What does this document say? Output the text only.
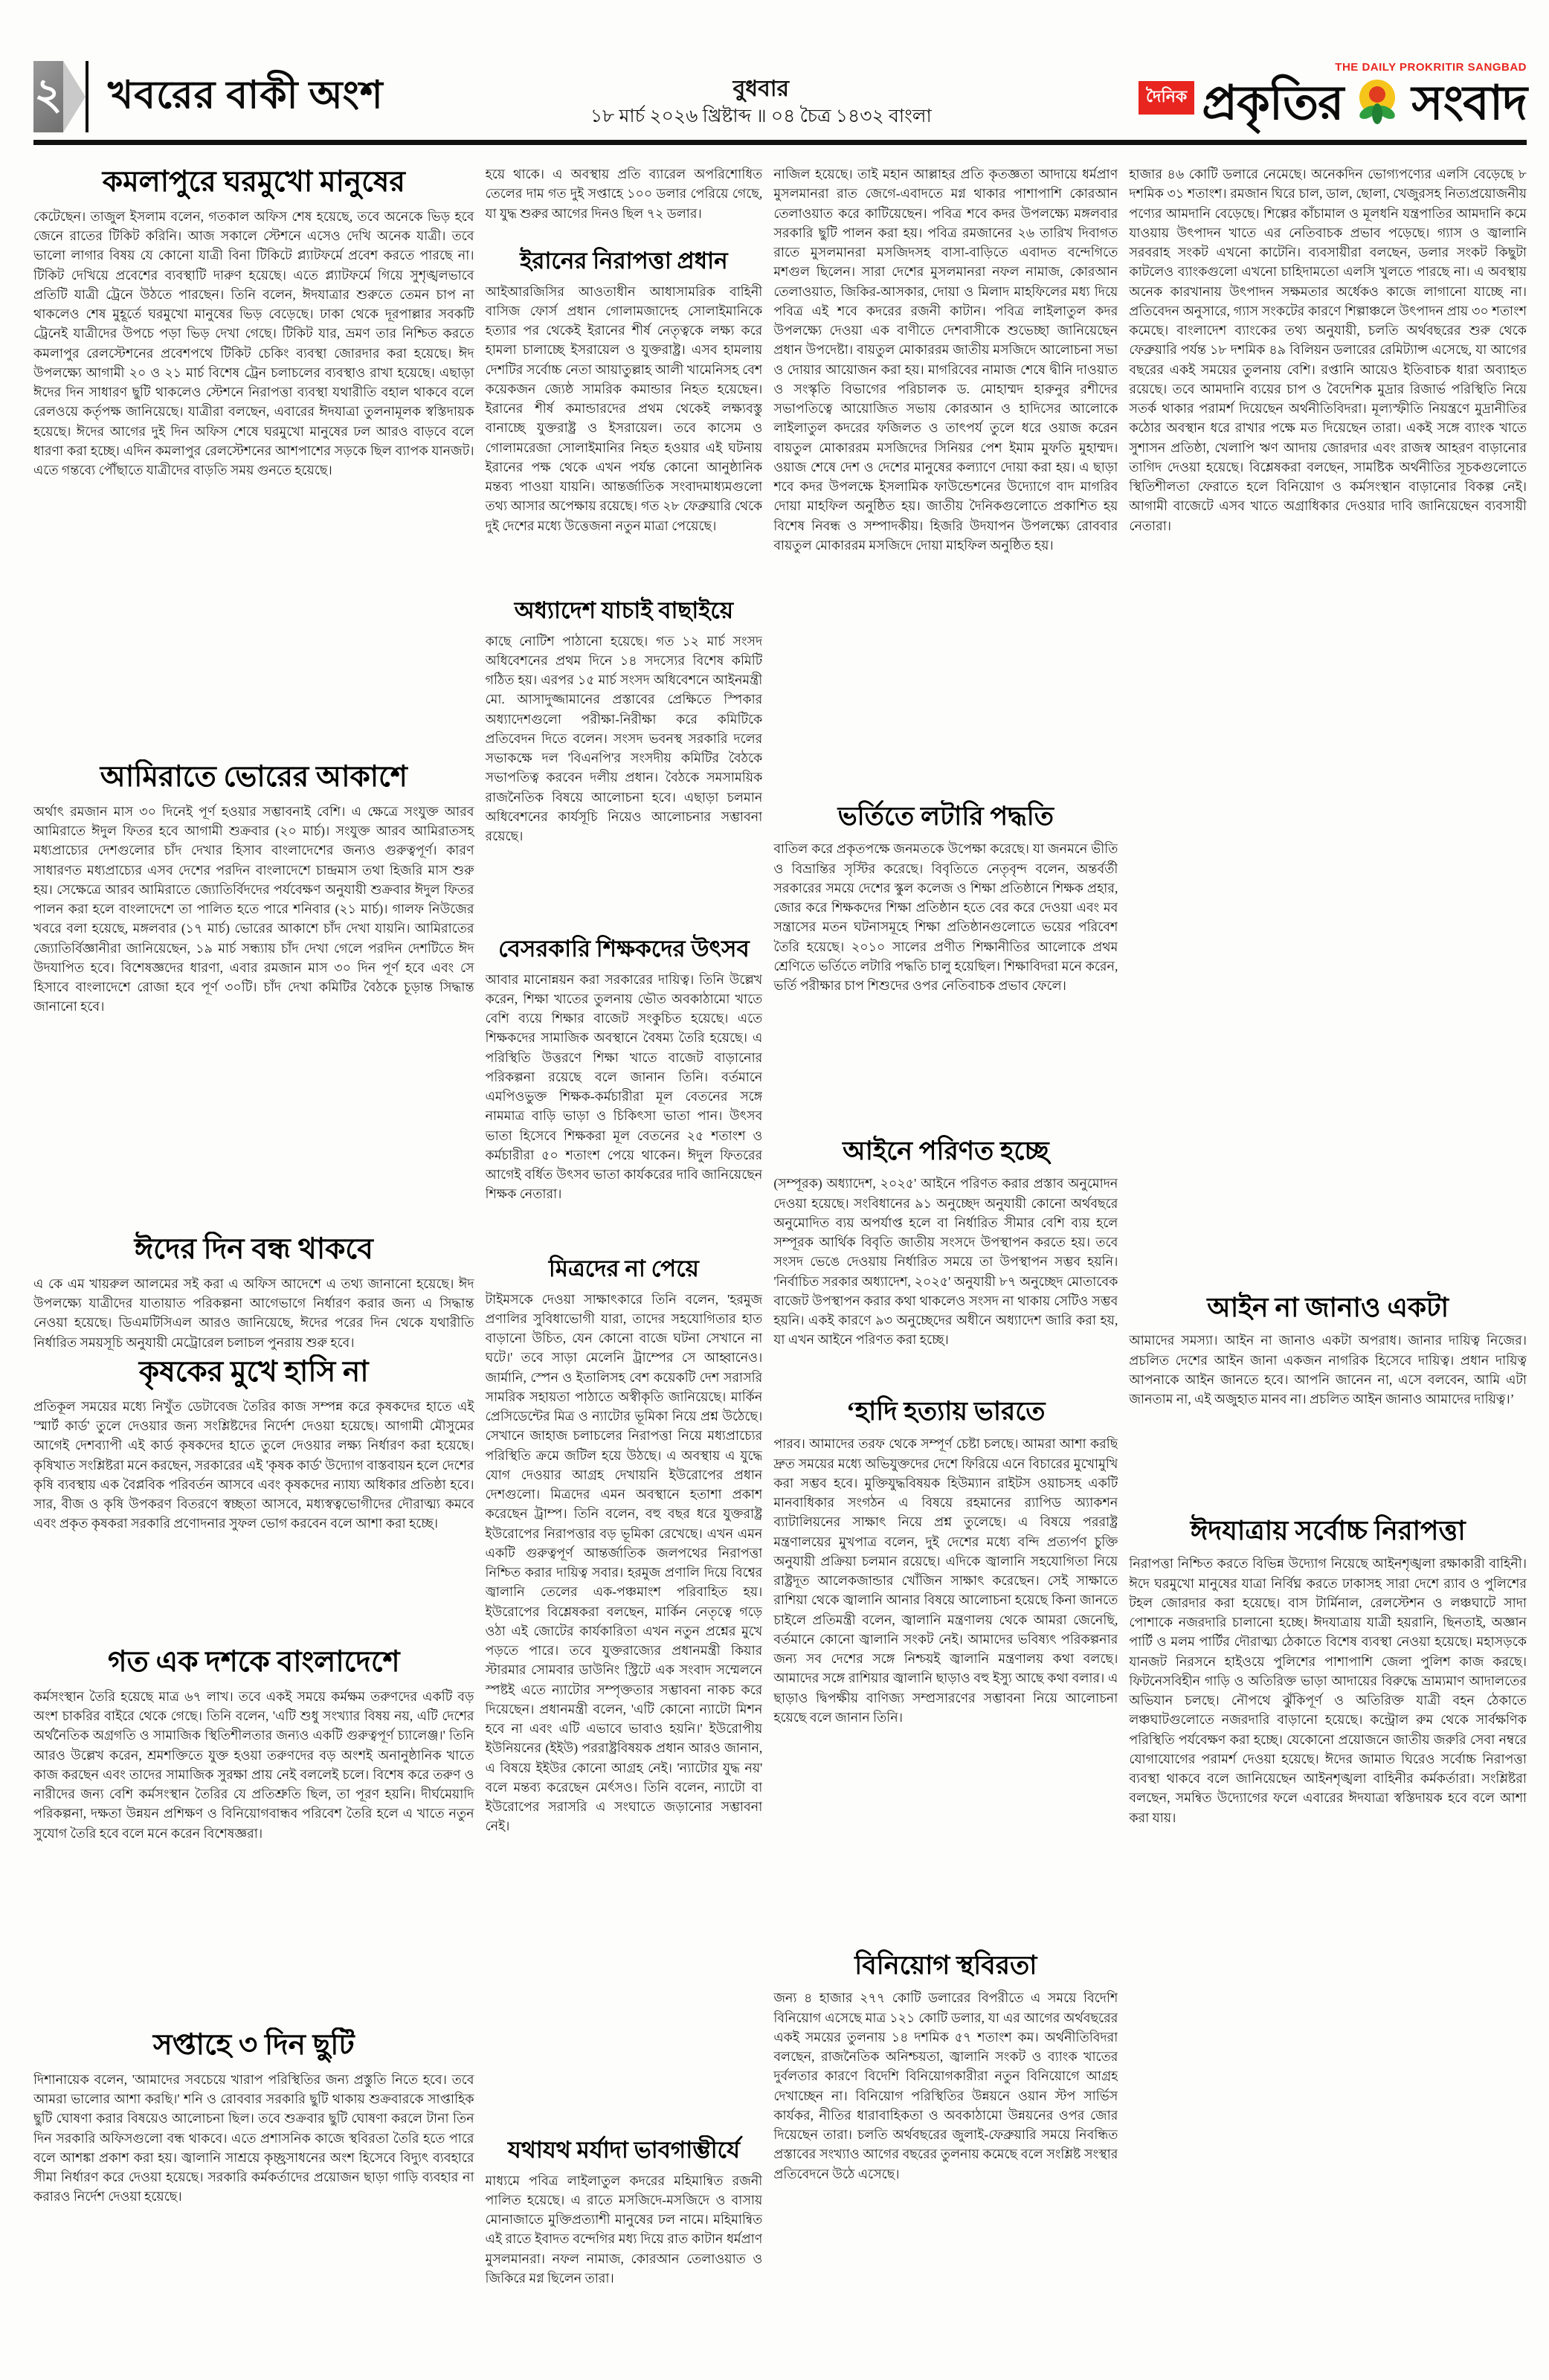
২ খবরের বাকী অংশ	বুধবার
১৮ মার্চ ২০২৬ খ্রিষ্টাব্দ ॥ ০৪ চৈত্র ১৪৩২ বাংলা
THE DAILY PROKRITIR SANGBAD
দৈনিক প্রকৃতির সংবাদ
কমলাপুরে ঘরমুখো মানুষের

কেটেছেন। তাজুল ইসলাম বলেন, গতকাল অফিস শেষ হয়েছে, তবে অনেকে ভিড় হবে জেনে রাতের টিকিট করিনি। আজ সকালে স্টেশনে এসেও দেখি অনেক যাত্রী। তবে ভালো লাগার বিষয় যে কোনো যাত্রী বিনা টিকিটে প্ল্যাটফর্মে প্রবেশ করতে পারছে না। টিকিট দেখিয়ে প্রবেশের ব্যবস্থাটি দারুণ হয়েছে। এতে প্ল্যাটফর্মে গিয়ে সুশৃঙ্খলভাবে প্রতিটি যাত্রী ট্রেনে উঠতে পারছেন। তিনি বলেন, ঈদযাত্রার শুরুতে তেমন চাপ না থাকলেও শেষ মুহূর্তে ঘরমুখো মানুষের ভিড় বেড়েছে। ঢাকা থেকে দূরপাল্লার সবকটি ট্রেনেই যাত্রীদের উপচে পড়া ভিড় দেখা গেছে। টিকিট যার, ভ্রমণ তার নিশ্চিত করতে কমলাপুর রেলস্টেশনের প্রবেশপথে টিকিট চেকিং ব্যবস্থা জোরদার করা হয়েছে। ঈদ উপলক্ষ্যে আগামী ২০ ও ২১ মার্চ বিশেষ ট্রেন চলাচলের ব্যবস্থাও রাখা হয়েছে। এছাড়া ঈদের দিন সাধারণ ছুটি থাকলেও স্টেশনে নিরাপত্তা ব্যবস্থা যথারীতি বহাল থাকবে বলে রেলওয়ে কর্তৃপক্ষ জানিয়েছে। যাত্রীরা বলছেন, এবারের ঈদযাত্রা তুলনামূলক স্বস্তিদায়ক হয়েছে। ঈদের আগের দুই দিন অফিস শেষে ঘরমুখো মানুষের ঢল আরও বাড়বে বলে ধারণা করা হচ্ছে। এদিন কমলাপুর রেলস্টেশনের আশপাশের সড়কে ছিল ব্যাপক যানজট। এতে গন্তব্যে পৌঁছাতে যাত্রীদের বাড়তি সময় গুনতে হয়েছে।

আমিরাতে ভোরের আকাশে

অর্থাৎ রমজান মাস ৩০ দিনেই পূর্ণ হওয়ার সম্ভাবনাই বেশি। এ ক্ষেত্রে সংযুক্ত আরব আমিরাতে ঈদুল ফিতর হবে আগামী শুক্রবার (২০ মার্চ)। সংযুক্ত আরব আমিরাতসহ মধ্যপ্রাচ্যের দেশগুলোর চাঁদ দেখার হিসাব বাংলাদেশের জন্যও গুরুত্বপূর্ণ। কারণ সাধারণত মধ্যপ্রাচ্যের এসব দেশের পরদিন বাংলাদেশে চান্দ্রমাস তথা হিজরি মাস শুরু হয়। সেক্ষেত্রে আরব আমিরাতে জ্যোতির্বিদদের পর্যবেক্ষণ অনুযায়ী শুক্রবার ঈদুল ফিতর পালন করা হলে বাংলাদেশে তা পালিত হতে পারে শনিবার (২১ মার্চ)। গালফ নিউজের খবরে বলা হয়েছে, মঙ্গলবার (১৭ মার্চ) ভোরের আকাশে চাঁদ দেখা যায়নি। আমিরাতের জ্যোতির্বিজ্ঞানীরা জানিয়েছেন, ১৯ মার্চ সন্ধ্যায় চাঁদ দেখা গেলে পরদিন দেশটিতে ঈদ উদযাপিত হবে। বিশেষজ্ঞদের ধারণা, এবার রমজান মাস ৩০ দিন পূর্ণ হবে এবং সে হিসাবে বাংলাদেশে রোজা হবে পূর্ণ ৩০টি। চাঁদ দেখা কমিটির বৈঠকে চূড়ান্ত সিদ্ধান্ত জানানো হবে।

ঈদের দিন বন্ধ থাকবে

এ কে এম খায়রুল আলমের সই করা এ অফিস আদেশে এ তথ্য জানানো হয়েছে। ঈদ উপলক্ষ্যে যাত্রীদের যাতায়াত পরিকল্পনা আগেভাগে নির্ধারণ করার জন্য এ সিদ্ধান্ত নেওয়া হয়েছে। ডিএমটিসিএল আরও জানিয়েছে, ঈদের পরের দিন থেকে যথারীতি নির্ধারিত সময়সূচি অনুযায়ী মেট্রোরেল চলাচল পুনরায় শুরু হবে।

কৃষকের মুখে হাসি না

প্রতিকূল সময়ের মধ্যে নিখুঁত ডেটাবেজ তৈরির কাজ সম্পন্ন করে কৃষকদের হাতে এই 'স্মার্ট কার্ড' তুলে দেওয়ার জন্য সংশ্লিষ্টদের নির্দেশ দেওয়া হয়েছে। আগামী মৌসুমের আগেই দেশব্যাপী এই কার্ড কৃষকদের হাতে তুলে দেওয়ার লক্ষ্য নির্ধারণ করা হয়েছে। কৃষিখাত সংশ্লিষ্টরা মনে করছেন, সরকারের এই 'কৃষক কার্ড' উদ্যোগ বাস্তবায়ন হলে দেশের কৃষি ব্যবস্থায় এক বৈপ্লবিক পরিবর্তন আসবে এবং কৃষকদের ন্যায্য অধিকার প্রতিষ্ঠা হবে। সার, বীজ ও কৃষি উপকরণ বিতরণে স্বচ্ছতা আসবে, মধ্যস্বত্বভোগীদের দৌরাত্ম্য কমবে এবং প্রকৃত কৃষকরা সরকারি প্রণোদনার সুফল ভোগ করবেন বলে আশা করা হচ্ছে।

গত এক দশকে বাংলাদেশে

কর্মসংস্থান তৈরি হয়েছে মাত্র ৬৭ লাখ। তবে একই সময়ে কর্মক্ষম তরুণদের একটি বড় অংশ চাকরির বাইরে থেকে গেছে। তিনি বলেন, 'এটি শুধু সংখ্যার বিষয় নয়, এটি দেশের অর্থনৈতিক অগ্রগতি ও সামাজিক স্থিতিশীলতার জন্যও একটি গুরুত্বপূর্ণ চ্যালেঞ্জ।' তিনি আরও উল্লেখ করেন, শ্রমশক্তিতে যুক্ত হওয়া তরুণদের বড় অংশই অনানুষ্ঠানিক খাতে কাজ করছেন এবং তাদের সামাজিক সুরক্ষা প্রায় নেই বললেই চলে। বিশেষ করে তরুণ ও নারীদের জন্য বেশি কর্মসংস্থান তৈরির যে প্রতিশ্রুতি ছিল, তা পূরণ হয়নি। দীর্ঘমেয়াদি পরিকল্পনা, দক্ষতা উন্নয়ন প্রশিক্ষণ ও বিনিয়োগবান্ধব পরিবেশ তৈরি হলে এ খাতে নতুন সুযোগ তৈরি হবে বলে মনে করেন বিশেষজ্ঞরা।

সপ্তাহে ৩ দিন ছুটি

দিশানায়েক বলেন, 'আমাদের সবচেয়ে খারাপ পরিস্থিতির জন্য প্রস্তুতি নিতে হবে। তবে আমরা ভালোর আশা করছি।' শনি ও রোববার সরকারি ছুটি থাকায় শুক্রবারকে সাপ্তাহিক ছুটি ঘোষণা করার বিষয়েও আলোচনা ছিল। তবে শুক্রবার ছুটি ঘোষণা করলে টানা তিন দিন সরকারি অফিসগুলো বন্ধ থাকবে। এতে প্রশাসনিক কাজে স্থবিরতা তৈরি হতে পারে বলে আশঙ্কা প্রকাশ করা হয়। জ্বালানি সাশ্রয়ে কৃচ্ছ্রসাধনের অংশ হিসেবে বিদ্যুৎ ব্যবহারে সীমা নির্ধারণ করে দেওয়া হয়েছে। সরকারি কর্মকর্তাদের প্রয়োজন ছাড়া গাড়ি ব্যবহার না করারও নির্দেশ দেওয়া হয়েছে।

হয়ে থাকে। এ অবস্থায় প্রতি ব্যারেল অপরিশোধিত তেলের দাম গত দুই সপ্তাহে ১০০ ডলার পেরিয়ে গেছে, যা যুদ্ধ শুরুর আগের দিনও ছিল ৭২ ডলার।

ইরানের নিরাপত্তা প্রধান

আইআরজিসির আওতাধীন আধাসামরিক বাহিনী বাসিজ ফোর্স প্রধান গোলামজাদেহ সোলাইমানিকে হত্যার পর থেকেই ইরানের শীর্ষ নেতৃত্বকে লক্ষ্য করে হামলা চালাচ্ছে ইসরায়েল ও যুক্তরাষ্ট্র। এসব হামলায় দেশটির সর্বোচ্চ নেতা আয়াতুল্লাহ আলী খামেনিসহ বেশ কয়েকজন জ্যেষ্ঠ সামরিক কমান্ডার নিহত হয়েছেন। ইরানের শীর্ষ কমান্ডারদের প্রথম থেকেই লক্ষ্যবস্তু বানাচ্ছে যুক্তরাষ্ট্র ও ইসরায়েল। তবে কাসেম ও গোলামরেজা সোলাইমানির নিহত হওয়ার এই ঘটনায় ইরানের পক্ষ থেকে এখন পর্যন্ত কোনো আনুষ্ঠানিক মন্তব্য পাওয়া যায়নি। আন্তর্জাতিক সংবাদমাধ্যমগুলো তথ্য আসার অপেক্ষায় রয়েছে। গত ২৮ ফেব্রুয়ারি থেকে দুই দেশের মধ্যে উত্তেজনা নতুন মাত্রা পেয়েছে।

অধ্যাদেশ যাচাই বাছাইয়ে

কাছে নোটিশ পাঠানো হয়েছে। গত ১২ মার্চ সংসদ অধিবেশনের প্রথম দিনে ১৪ সদস্যের বিশেষ কমিটি গঠিত হয়। এরপর ১৫ মার্চ সংসদ অধিবেশনে আইনমন্ত্রী মো. আসাদুজ্জামানের প্রস্তাবের প্রেক্ষিতে স্পিকার অধ্যাদেশগুলো পরীক্ষা-নিরীক্ষা করে কমিটিকে প্রতিবেদন দিতে বলেন। সংসদ ভবনস্থ সরকারি দলের সভাকক্ষে দল 'বিএনপি'র সংসদীয় কমিটির বৈঠকে সভাপতিত্ব করবেন দলীয় প্রধান। বৈঠকে সমসাময়িক রাজনৈতিক বিষয়ে আলোচনা হবে। এছাড়া চলমান অধিবেশনের কার্যসূচি নিয়েও আলোচনার সম্ভাবনা রয়েছে।

বেসরকারি শিক্ষকদের উৎসব

আবার মানোন্নয়ন করা সরকারের দায়িত্ব। তিনি উল্লেখ করেন, শিক্ষা খাতের তুলনায় ভৌত অবকাঠামো খাতে বেশি ব্যয়ে শিক্ষার বাজেট সংকুচিত হয়েছে। এতে শিক্ষকদের সামাজিক অবস্থানে বৈষম্য তৈরি হয়েছে। এ পরিস্থিতি উত্তরণে শিক্ষা খাতে বাজেট বাড়ানোর পরিকল্পনা রয়েছে বলে জানান তিনি। বর্তমানে এমপিওভুক্ত শিক্ষক-কর্মচারীরা মূল বেতনের সঙ্গে নামমাত্র বাড়ি ভাড়া ও চিকিৎসা ভাতা পান। উৎসব ভাতা হিসেবে শিক্ষকরা মূল বেতনের ২৫ শতাংশ ও কর্মচারীরা ৫০ শতাংশ পেয়ে থাকেন। ঈদুল ফিতরের আগেই বর্ধিত উৎসব ভাতা কার্যকরের দাবি জানিয়েছেন শিক্ষক নেতারা।

মিত্রদের না পেয়ে

টাইমসকে দেওয়া সাক্ষাৎকারে তিনি বলেন, 'হরমুজ প্রণালির সুবিধাভোগী যারা, তাদের সহযোগিতার হাত বাড়ানো উচিত, যেন কোনো বাজে ঘটনা সেখানে না ঘটে।' তবে সাড়া মেলেনি ট্রাম্পের সে আহ্বানেও। জার্মানি, স্পেন ও ইতালিসহ বেশ কয়েকটি দেশ সরাসরি সামরিক সহায়তা পাঠাতে অস্বীকৃতি জানিয়েছে। মার্কিন প্রেসিডেন্টের মিত্র ও ন্যাটোর ভূমিকা নিয়ে প্রশ্ন উঠেছে। সেখানে জাহাজ চলাচলের নিরাপত্তা নিয়ে মধ্যপ্রাচ্যের পরিস্থিতি ক্রমে জটিল হয়ে উঠছে। এ অবস্থায় এ যুদ্ধে যোগ দেওয়ার আগ্রহ দেখায়নি ইউরোপের প্রধান দেশগুলো। মিত্রদের এমন অবস্থানে হতাশা প্রকাশ করেছেন ট্রাম্প। তিনি বলেন, বহু বছর ধরে যুক্তরাষ্ট্র ইউরোপের নিরাপত্তার বড় ভূমিকা রেখেছে। এখন এমন একটি গুরুত্বপূর্ণ আন্তর্জাতিক জলপথের নিরাপত্তা নিশ্চিত করার দায়িত্ব সবার। হরমুজ প্রণালি দিয়ে বিশ্বের জ্বালানি তেলের এক-পঞ্চমাংশ পরিবাহিত হয়। ইউরোপের বিশ্লেষকরা বলছেন, মার্কিন নেতৃত্বে গড়ে ওঠা এই জোটের কার্যকারিতা এখন নতুন প্রশ্নের মুখে পড়তে পারে। তবে যুক্তরাজ্যের প্রধানমন্ত্রী কিয়ার স্টারমার সোমবার ডাউনিং স্ট্রিটে এক সংবাদ সম্মেলনে স্পষ্টই এতে ন্যাটোর সম্পৃক্ততার সম্ভাবনা নাকচ করে দিয়েছেন। প্রধানমন্ত্রী বলেন, 'এটি কোনো ন্যাটো মিশন হবে না এবং এটি এভাবে ভাবাও হয়নি।' ইউরোপীয় ইউনিয়নের (ইইউ) পররাষ্ট্রবিষয়ক প্রধান আরও জানান, এ বিষয়ে ইইউর কোনো আগ্রহ নেই। 'ন্যাটোর যুদ্ধ নয়' বলে মন্তব্য করেছেন মের্ৎসও। তিনি বলেন, ন্যাটো বা ইউরোপের সরাসরি এ সংঘাতে জড়ানোর সম্ভাবনা নেই।

যথাযথ মর্যাদা ভাবগাম্ভীর্যে

মাধ্যমে পবিত্র লাইলাতুল কদরের মহিমান্বিত রজনী পালিত হয়েছে। এ রাতে মসজিদে-মসজিদে ও বাসায় মোনাজাতে মুক্তিপ্রত্যাশী মানুষের ঢল নামে। মহিমান্বিত এই রাতে ইবাদত বন্দেগির মধ্য দিয়ে রাত কাটান ধর্মপ্রাণ মুসলমানরা। নফল নামাজ, কোরআন তেলাওয়াত ও জিকিরে মগ্ন ছিলেন তারা।

নাজিল হয়েছে। তাই মহান আল্লাহর প্রতি কৃতজ্ঞতা আদায়ে ধর্মপ্রাণ মুসলমানরা রাত জেগে-এবাদতে মগ্ন থাকার পাশাপাশি কোরআন তেলাওয়াত করে কাটিয়েছেন। পবিত্র শবে কদর উপলক্ষ্যে মঙ্গলবার সরকারি ছুটি পালন করা হয়। পবিত্র রমজানের ২৬ তারিখ দিবাগত রাতে মুসলমানরা মসজিদসহ বাসা-বাড়িতে এবাদত বন্দেগিতে মশগুল ছিলেন। সারা দেশের মুসলমানরা নফল নামাজ, কোরআন তেলাওয়াত, জিকির-আসকার, দোয়া ও মিলাদ মাহফিলের মধ্য দিয়ে পবিত্র এই শবে কদরের রজনী কাটান। পবিত্র লাইলাতুল কদর উপলক্ষ্যে দেওয়া এক বাণীতে দেশবাসীকে শুভেচ্ছা জানিয়েছেন প্রধান উপদেষ্টা। বায়তুল মোকাররম জাতীয় মসজিদে আলোচনা সভা ও দোয়ার আয়োজন করা হয়। মাগরিবের নামাজ শেষে দ্বীনি দাওয়াত ও সংস্কৃতি বিভাগের পরিচালক ড. মোহাম্মদ হারুনুর রশীদের সভাপতিত্বে আয়োজিত সভায় কোরআন ও হাদিসের আলোকে লাইলাতুল কদরের ফজিলত ও তাৎপর্য তুলে ধরে ওয়াজ করেন বায়তুল মোকাররম মসজিদের সিনিয়র পেশ ইমাম মুফতি মুহাম্মদ। ওয়াজ শেষে দেশ ও দেশের মানুষের কল্যাণে দোয়া করা হয়। এ ছাড়া শবে কদর উপলক্ষে ইসলামিক ফাউন্ডেশনের উদ্যোগে বাদ মাগরিব দোয়া মাহফিল অনুষ্ঠিত হয়। জাতীয় দৈনিকগুলোতে প্রকাশিত হয় বিশেষ নিবন্ধ ও সম্পাদকীয়। হিজরি উদযাপন উপলক্ষ্যে রোববার বায়তুল মোকাররম মসজিদে দোয়া মাহফিল অনুষ্ঠিত হয়।

ভর্তিতে লটারি পদ্ধতি

বাতিল করে প্রকৃতপক্ষে জনমতকে উপেক্ষা করেছে। যা জনমনে ভীতি ও বিভ্রান্তির সৃস্টির করেছে। বিবৃতিতে নেতৃবৃন্দ বলেন, অন্তর্বর্তী সরকারের সময়ে দেশের স্কুল কলেজ ও শিক্ষা প্রতিষ্ঠানে শিক্ষক প্রহার, জোর করে শিক্ষকদের শিক্ষা প্রতিষ্ঠান হতে বের করে দেওয়া এবং মব সন্ত্রাসের মতন ঘটনাসমূহে শিক্ষা প্রতিষ্ঠানগুলোতে ভয়ের পরিবেশ তৈরি হয়েছে। ২০১০ সালের প্রণীত শিক্ষানীতির আলোকে প্রথম শ্রেণিতে ভর্তিতে লটারি পদ্ধতি চালু হয়েছিল। শিক্ষাবিদরা মনে করেন, ভর্তি পরীক্ষার চাপ শিশুদের ওপর নেতিবাচক প্রভাব ফেলে।

আইনে পরিণত হচ্ছে

(সম্পূরক) অধ্যাদেশ, ২০২৫' আইনে পরিণত করার প্রস্তাব অনুমোদন দেওয়া হয়েছে। সংবিধানের ৯১ অনুচ্ছেদ অনুযায়ী কোনো অর্থবছরে অনুমোদিত ব্যয় অপর্যাপ্ত হলে বা নির্ধারিত সীমার বেশি ব্যয় হলে সম্পূরক আর্থিক বিবৃতি জাতীয় সংসদে উপস্থাপন করতে হয়। তবে সংসদ ভেঙে দেওয়ায় নির্ধারিত সময়ে তা উপস্থাপন সম্ভব হয়নি। 'নির্বাচিত সরকার অধ্যাদেশ, ২০২৫' অনুযায়ী ৮৭ অনুচ্ছেদ মোতাবেক বাজেট উপস্থাপন করার কথা থাকলেও সংসদ না থাকায় সেটিও সম্ভব হয়নি। একই কারণে ৯৩ অনুচ্ছেদের অধীনে অধ্যাদেশ জারি করা হয়, যা এখন আইনে পরিণত করা হচ্ছে।

‘হাদি হত্যায় ভারতে

পারব। আমাদের তরফ থেকে সম্পূর্ণ চেষ্টা চলছে। আমরা আশা করছি দ্রুত সময়ের মধ্যে অভিযুক্তদের দেশে ফিরিয়ে এনে বিচারের মুখোমুখি করা সম্ভব হবে। মুক্তিযুদ্ধবিষয়ক হিউম্যান রাইটস ওয়াচসহ একটি মানবাধিকার সংগঠন এ বিষয়ে রহমানের র‍্যাপিড অ্যাকশন ব্যাটালিয়নের সাক্ষাৎ নিয়ে প্রশ্ন তুলেছে। এ বিষয়ে পররাষ্ট্র মন্ত্রণালয়ের মুখপাত্র বলেন, দুই দেশের মধ্যে বন্দি প্রত্যর্পণ চুক্তি অনুযায়ী প্রক্রিয়া চলমান রয়েছে। এদিকে জ্বালানি সহযোগিতা নিয়ে রাষ্ট্রদূত আলেকজান্ডার খোঁজিন সাক্ষাৎ করেছেন। সেই সাক্ষাতে রাশিয়া থেকে জ্বালানি আনার বিষয়ে আলোচনা হয়েছে কিনা জানতে চাইলে প্রতিমন্ত্রী বলেন, জ্বালানি মন্ত্রণালয় থেকে আমরা জেনেছি, বর্তমানে কোনো জ্বালানি সংকট নেই। আমাদের ভবিষ্যৎ পরিকল্পনার জন্য সব দেশের সঙ্গে নিশ্চয়ই জ্বালানি মন্ত্রণালয় কথা বলছে। আমাদের সঙ্গে রাশিয়ার জ্বালানি ছাড়াও বহু ইস্যু আছে কথা বলার। এ ছাড়াও দ্বিপক্ষীয় বাণিজ্য সম্প্রসারণের সম্ভাবনা নিয়ে আলোচনা হয়েছে বলে জানান তিনি।

বিনিয়োগ স্থবিরতা

জন্য ৪ হাজার ২৭৭ কোটি ডলারের বিপরীতে এ সময়ে বিদেশি বিনিয়োগ এসেছে মাত্র ১২১ কোটি ডলার, যা এর আগের অর্থবছরের একই সময়ের তুলনায় ১৪ দশমিক ৫৭ শতাংশ কম। অর্থনীতিবিদরা বলছেন, রাজনৈতিক অনিশ্চয়তা, জ্বালানি সংকট ও ব্যাংক খাতের দুর্বলতার কারণে বিদেশি বিনিয়োগকারীরা নতুন বিনিয়োগে আগ্রহ দেখাচ্ছেন না। বিনিয়োগ পরিস্থিতির উন্নয়নে ওয়ান স্টপ সার্ভিস কার্যকর, নীতির ধারাবাহিকতা ও অবকাঠামো উন্নয়নের ওপর জোর দিয়েছেন তারা। চলতি অর্থবছরের জুলাই-ফেব্রুয়ারি সময়ে নিবন্ধিত প্রস্তাবের সংখ্যাও আগের বছরের তুলনায় কমেছে বলে সংশ্লিষ্ট সংস্থার প্রতিবেদনে উঠে এসেছে।

হাজার ৪৬ কোটি ডলারে নেমেছে। অনেকদিন ভোগ্যপণ্যের এলসি বেড়েছে ৮ দশমিক ৩১ শতাংশ। রমজান ঘিরে চাল, ডাল, ছোলা, খেজুরসহ নিত্যপ্রয়োজনীয় পণ্যের আমদানি বেড়েছে। শিল্পের কাঁচামাল ও মূলধনি যন্ত্রপাতির আমদানি কমে যাওয়ায় উৎপাদন খাতে এর নেতিবাচক প্রভাব পড়েছে। গ্যাস ও জ্বালানি সরবরাহ সংকট এখনো কাটেনি। ব্যবসায়ীরা বলছেন, ডলার সংকট কিছুটা কাটলেও ব্যাংকগুলো এখনো চাহিদামতো এলসি খুলতে পারছে না। এ অবস্থায় অনেক কারখানায় উৎপাদন সক্ষমতার অর্ধেকও কাজে লাগানো যাচ্ছে না। প্রতিবেদন অনুসারে, গ্যাস সংকটের কারণে শিল্পাঞ্চলে উৎপাদন প্রায় ৩০ শতাংশ কমেছে। বাংলাদেশ ব্যাংকের তথ্য অনুযায়ী, চলতি অর্থবছরের শুরু থেকে ফেব্রুয়ারি পর্যন্ত ১৮ দশমিক ৪৯ বিলিয়ন ডলারের রেমিট্যান্স এসেছে, যা আগের বছরের একই সময়ের তুলনায় বেশি। রপ্তানি আয়েও ইতিবাচক ধারা অব্যাহত রয়েছে। তবে আমদানি ব্যয়ের চাপ ও বৈদেশিক মুদ্রার রিজার্ভ পরিস্থিতি নিয়ে সতর্ক থাকার পরামর্শ দিয়েছেন অর্থনীতিবিদরা। মূল্যস্ফীতি নিয়ন্ত্রণে মুদ্রানীতির কঠোর অবস্থান ধরে রাখার পক্ষে মত দিয়েছেন তারা। একই সঙ্গে ব্যাংক খাতে সুশাসন প্রতিষ্ঠা, খেলাপি ঋণ আদায় জোরদার এবং রাজস্ব আহরণ বাড়ানোর তাগিদ দেওয়া হয়েছে। বিশ্লেষকরা বলছেন, সামষ্টিক অর্থনীতির সূচকগুলোতে স্থিতিশীলতা ফেরাতে হলে বিনিয়োগ ও কর্মসংস্থান বাড়ানোর বিকল্প নেই। আগামী বাজেটে এসব খাতে অগ্রাধিকার দেওয়ার দাবি জানিয়েছেন ব্যবসায়ী নেতারা।

আইন না জানাও একটা

আমাদের সমস্যা। আইন না জানাও একটা অপরাধ। জানার দায়িত্ব নিজের। প্রচলিত দেশের আইন জানা একজন নাগরিক হিসেবে দায়িত্ব। প্রধান দায়িত্ব আপনাকে আইন জানতে হবে। আপনি জানেন না, এসে বলবেন, আমি এটা জানতাম না, এই অজুহাত মানব না। প্রচলিত আইন জানাও আমাদের দায়িত্ব।’

ঈদযাত্রায় সর্বোচ্চ নিরাপত্তা

নিরাপত্তা নিশ্চিত করতে বিভিন্ন উদ্যোগ নিয়েছে আইনশৃঙ্খলা রক্ষাকারী বাহিনী। ঈদে ঘরমুখো মানুষের যাত্রা নির্বিঘ্ন করতে ঢাকাসহ সারা দেশে র‍্যাব ও পুলিশের টহল জোরদার করা হয়েছে। বাস টার্মিনাল, রেলস্টেশন ও লঞ্চঘাটে সাদা পোশাকে নজরদারি চালানো হচ্ছে। ঈদযাত্রায় যাত্রী হয়রানি, ছিনতাই, অজ্ঞান পার্টি ও মলম পার্টির দৌরাত্ম্য ঠেকাতে বিশেষ ব্যবস্থা নেওয়া হয়েছে। মহাসড়কে যানজট নিরসনে হাইওয়ে পুলিশের পাশাপাশি জেলা পুলিশ কাজ করছে। ফিটনেসবিহীন গাড়ি ও অতিরিক্ত ভাড়া আদায়ের বিরুদ্ধে ভ্রাম্যমাণ আদালতের অভিযান চলছে। নৌপথে ঝুঁকিপূর্ণ ও অতিরিক্ত যাত্রী বহন ঠেকাতে লঞ্চঘাটগুলোতে নজরদারি বাড়ানো হয়েছে। কন্ট্রোল রুম থেকে সার্বক্ষণিক পরিস্থিতি পর্যবেক্ষণ করা হচ্ছে। যেকোনো প্রয়োজনে জাতীয় জরুরি সেবা নম্বরে যোগাযোগের পরামর্শ দেওয়া হয়েছে। ঈদের জামাত ঘিরেও সর্বোচ্চ নিরাপত্তা ব্যবস্থা থাকবে বলে জানিয়েছেন আইনশৃঙ্খলা বাহিনীর কর্মকর্তারা। সংশ্লিষ্টরা বলছেন, সমন্বিত উদ্যোগের ফলে এবারের ঈদযাত্রা স্বস্তিদায়ক হবে বলে আশা করা যায়।
